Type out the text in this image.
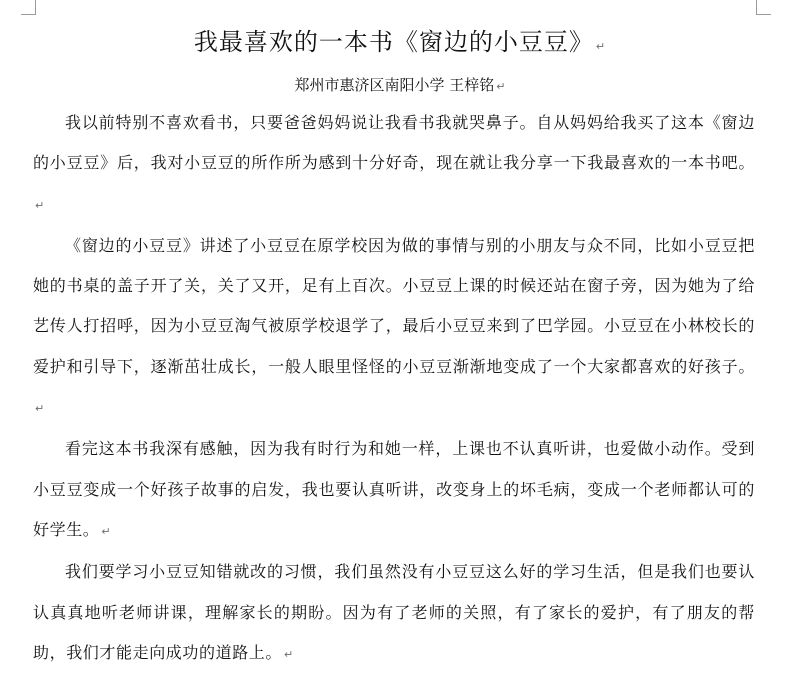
我最喜欢的一本书《窗边的小豆豆》 ↵
郑州市惠济区南阳小学 王梓铭 ↵

我以前特别不喜欢看书，只要爸爸妈妈说让我看书我就哭鼻子。自从妈妈给我买了这本《窗边的小豆豆》后，我对小豆豆的所作所为感到十分好奇，现在就让我分享一下我最喜欢的一本书吧。↵

《窗边的小豆豆》讲述了小豆豆在原学校因为做的事情与别的小朋友与众不同，比如小豆豆把她的书桌的盖子开了关，关了又开，足有上百次。小豆豆上课的时候还站在窗子旁，因为她为了给艺传人打招呼，因为小豆豆淘气被原学校退学了，最后小豆豆来到了巴学园。小豆豆在小林校长的爱护和引导下，逐渐茁壮成长，一般人眼里怪怪的小豆豆渐渐地变成了一个大家都喜欢的好孩子。↵

看完这本书我深有感触，因为我有时行为和她一样，上课也不认真听讲，也爱做小动作。受到小豆豆变成一个好孩子故事的启发，我也要认真听讲，改变身上的坏毛病，变成一个老师都认可的好学生。 ↵

我们要学习小豆豆知错就改的习惯，我们虽然没有小豆豆这么好的学习生活，但是我们也要认认真真地听老师讲课，理解家长的期盼。因为有了老师的关照，有了家长的爱护，有了朋友的帮助，我们才能走向成功的道路上。 ↵
